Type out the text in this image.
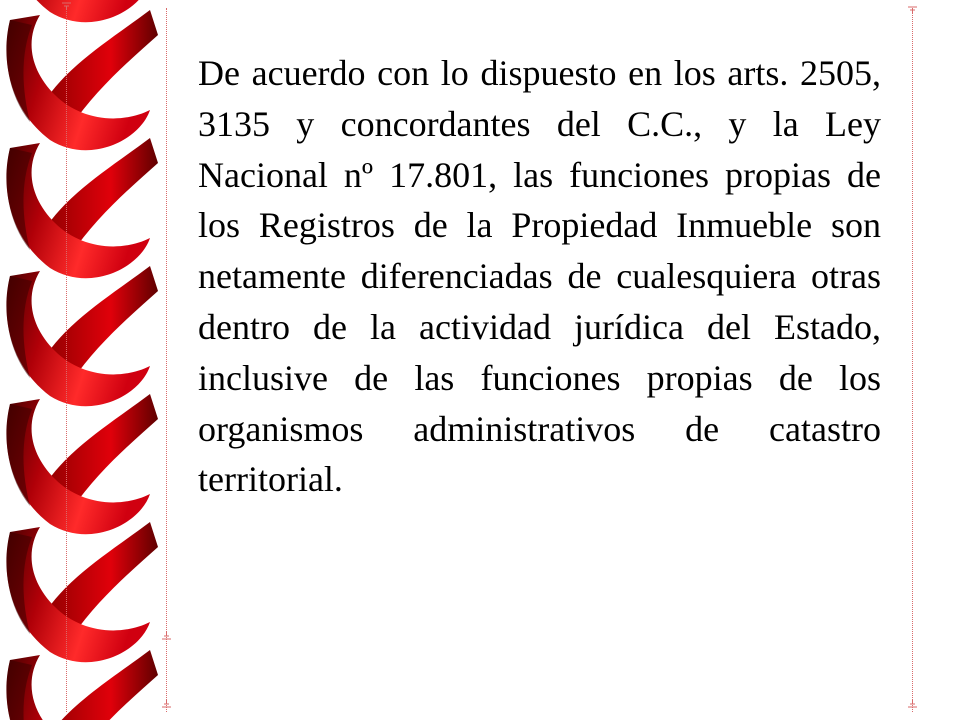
De acuerdo con lo dispuesto en los arts. 2505, 3135 y concordantes del C.C., y la Ley Nacional nº 17.801, las funciones propias de los Registros de la Propiedad Inmueble son netamente diferenciadas de cualesquiera otras dentro de la actividad jurídica del Estado, inclusive de las funciones propias de los organismos administrativos de catastro territorial.
